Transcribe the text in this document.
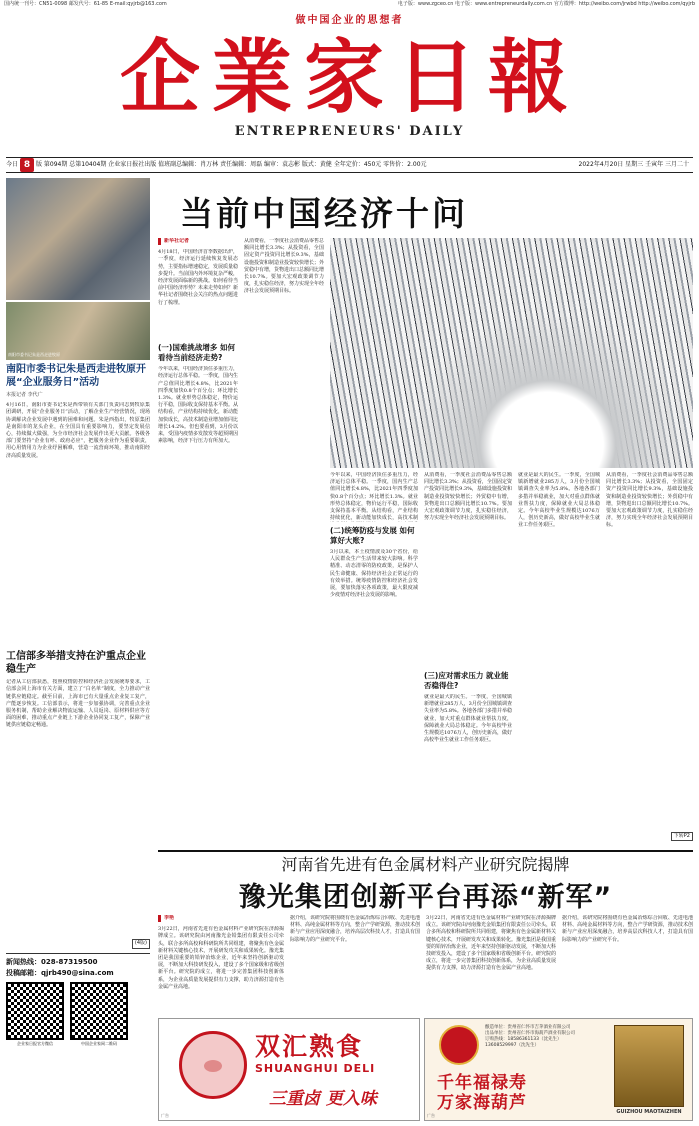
国内统一刊号：CN51-0098 邮发代号：61-85 E-mail:qyjrb@163.com	电子版：www.zgceo.cn 电子版：www.entrepreneurdaily.com.cn 官方微博：http://weibo.com/jrwbd http://weibo.com/qyjrb
做中国企业的思想者
企業家日報
ENTREPRENEURS' DAILY
今日 8 版 第094期 总第10404期 企业家日报社出版 值班副总编辑：肖万林 责任编辑：周磊 编审：袁志彬 版式：黄健 全年定价：450元 零售价：2.00元	2022年4月20日 星期三 壬寅年 三月二十
南阳市委书记朱是西走进牧原
南阳市委书记朱是西走进牧原开展“企业服务日”活动
本报记者 李代广
4月16日，南阳市委书记朱是西带领有关部门负责同志到牧原集团调研，开展“企业服务日”活动，了解企业生产经营情况，现场协调解决企业发展中遇到的困难和问题。朱是西指出，牧原集团是南阳市的龙头企业，在全国具有重要影响力，要坚定发展信心，持续做大做强，为全市经济社会发展作出更大贡献。各级各部门要坚持“企业有呼、政府必应”，把服务企业作为重要职责，用心用情用力为企业纾困解难，营造一流营商环境，推动南阳经济高质量发展。
工信部多举措支持在沪重点企业稳生产
记者从工信部获悉，按照疫情防控和经济社会发展统筹要求，工信部会同上海市有关方面，建立了“白名单”制度，全力推动产业链供应链稳定。截至目前，上海市已有大量重点企业复工复产，产能逐步恢复。工信部表示，将进一步加强协调，完善重点企业服务机制，帮助企业解决物流运输、人员返岗、原材料供应等方面的困难，推动重点产业链上下游企业协同复工复产，保障产业链供应链稳定畅通。
(4版)
新闻热线：028-87319500
投稿邮箱：qjrb490@sina.com
企业家日报官方微信	中国企业家网二维码
当前中国经济十问
新华社记者
4月18日，中国经济首季数据出炉，一季度，经济运行延续恢复发展态势，主要指标增速稳定，发展质量稳步提升。当前国内外环境复杂严峻，经济发展面临新的挑战。如何看待当前中国经济形势？未来走势如何？新华社记者围绕社会关注的热点问题进行了梳理。
(一)国难挑战增多 如何看待当前经济走势?
今年以来，中国经济顶住多重压力，经济运行总体平稳。一季度，国内生产总值同比增长4.8%，比2021年四季度加快0.8个百分点；环比增长1.3%。就业形势总体稳定，物价运行平稳，国际收支保持基本平衡。从结构看，产业结构持续优化，新动能加快成长，高技术制造业增加值同比增长14.2%。但也要看到，3月份以来，受国内疫情多发散发等超预期因素影响，经济下行压力有所加大。
从消费看，一季度社会消费品零售总额同比增长3.3%；从投资看，全国固定资产投资同比增长9.3%，基础设施投资和制造业投资较快增长；外贸稳中有增，货物进出口总额同比增长10.7%。要加大宏观政策调节力度，扎实稳住经济，努力实现全年经济社会发展预期目标。
今年以来，中国经济顶住多重压力，经济运行总体平稳。一季度，国内生产总值同比增长4.8%，比2021年四季度加快0.8个百分点；环比增长1.3%。就业形势总体稳定，物价运行平稳，国际收支保持基本平衡。从结构看，产业结构持续优化，新动能加快成长，高技术制
(二)统筹防疫与发展 如何算好大账?
3月以来，本土疫情波及30个省份，给人民群众生产生活带来较大影响。科学精准、动态清零的防疫政策，是保护人民生命健康、保持经济社会正常运行的有效举措。统筹疫情防控和经济社会发展，要加快落实各项政策，最大限度减少疫情对经济社会发展的影响。
从消费看，一季度社会消费品零售总额同比增长3.3%；从投资看，全国固定资产投资同比增长9.3%，基础设施投资和制造业投资较快增长；外贸稳中有增，货物进出口总额同比增长10.7%。要加大宏观政策调节力度，扎实稳住经济，努力实现全年经济社会发展预期目标。
(三)应对需求压力 就业能否稳得住?
就业是最大的民生。一季度，全国城镇新增就业285万人，3月份全国城镇调查失业率为5.8%。各地各部门多措并举稳就业，加大对重点群体就业帮扶力度，保障就业大局总体稳定。今年高校毕业生规模达1076万人，创历史新高，做好高校毕业生就业工作任务艰巨。
就业是最大的民生。一季度，全国城镇新增就业285万人，3月份全国城镇调查失业率为5.8%。各地各部门多措并举稳就业，加大对重点群体就业帮扶力度，保障就业大局总体稳定。今年高校毕业生规模达1076万人，创历史新高，做好高校毕业生就业工作任务艰巨。
从消费看，一季度社会消费品零售总额同比增长3.3%；从投资看，全国固定资产投资同比增长9.3%，基础设施投资和制造业投资较快增长；外贸稳中有增，货物进出口总额同比增长10.7%。要加大宏观政策调节力度，扎实稳住经济，努力实现全年经济社会发展预期目标。
下转P2
河南省先进有色金属材料产业研究院揭牌
豫光集团创新平台再添“新军”
李艳
3月22日，河南省先进有色金属材料产业研究院在济源揭牌成立。该研究院由河南豫光金铅集团有限责任公司牵头，联合多所高校和科研院所共同组建，将聚焦有色金属新材料关键核心技术，开展研发攻关和成果转化。豫光集团是我国重要的铅锌冶炼企业，近年来坚持创新驱动发展，不断加大科技研发投入，建设了多个国家级和省级创新平台。研究院的成立，将进一步完善集团科技创新体系，为企业高质量发展提供有力支撑，助力济源打造有色金属产业高地。
据介绍，该研究院将围绕有色金属冶炼综合回收、先进电池材料、高纯金属材料等方向，整合产学研资源，推动技术创新与产业应用深度融合，培养高层次科技人才，打造具有国际影响力的产业研究平台。
3月22日，河南省先进有色金属材料产业研究院在济源揭牌成立。该研究院由河南豫光金铅集团有限责任公司牵头，联合多所高校和科研院所共同组建，将聚焦有色金属新材料关键核心技术，开展研发攻关和成果转化。豫光集团是我国重要的铅锌冶炼企业，近年来坚持创新驱动发展，不断加大科技研发投入，建设了多个国家级和省级创新平台。研究院的成立，将进一步完善集团科技创新体系，为企业高质量发展提供有力支撑，助力济源打造有色金属产业高地。
据介绍，该研究院将围绕有色金属冶炼综合回收、先进电池材料、高纯金属材料等方向，整合产学研资源，推动技术创新与产业应用深度融合，培养高层次科技人才，打造具有国际影响力的产业研究平台。
双汇熟食
SHUANGHUI DELI
三重卤 更入味
广告
千年福禄寿
万家海葫芦
酿造单位：贵州省仁怀市吉茅酒业有限公司 出品单位：贵州省仁怀市海葫芦酒业有限公司 订购热线：18586361133（沈先生） 13608529997（沈先生）
GUIZHOU MAOTAIZHEN
广告
